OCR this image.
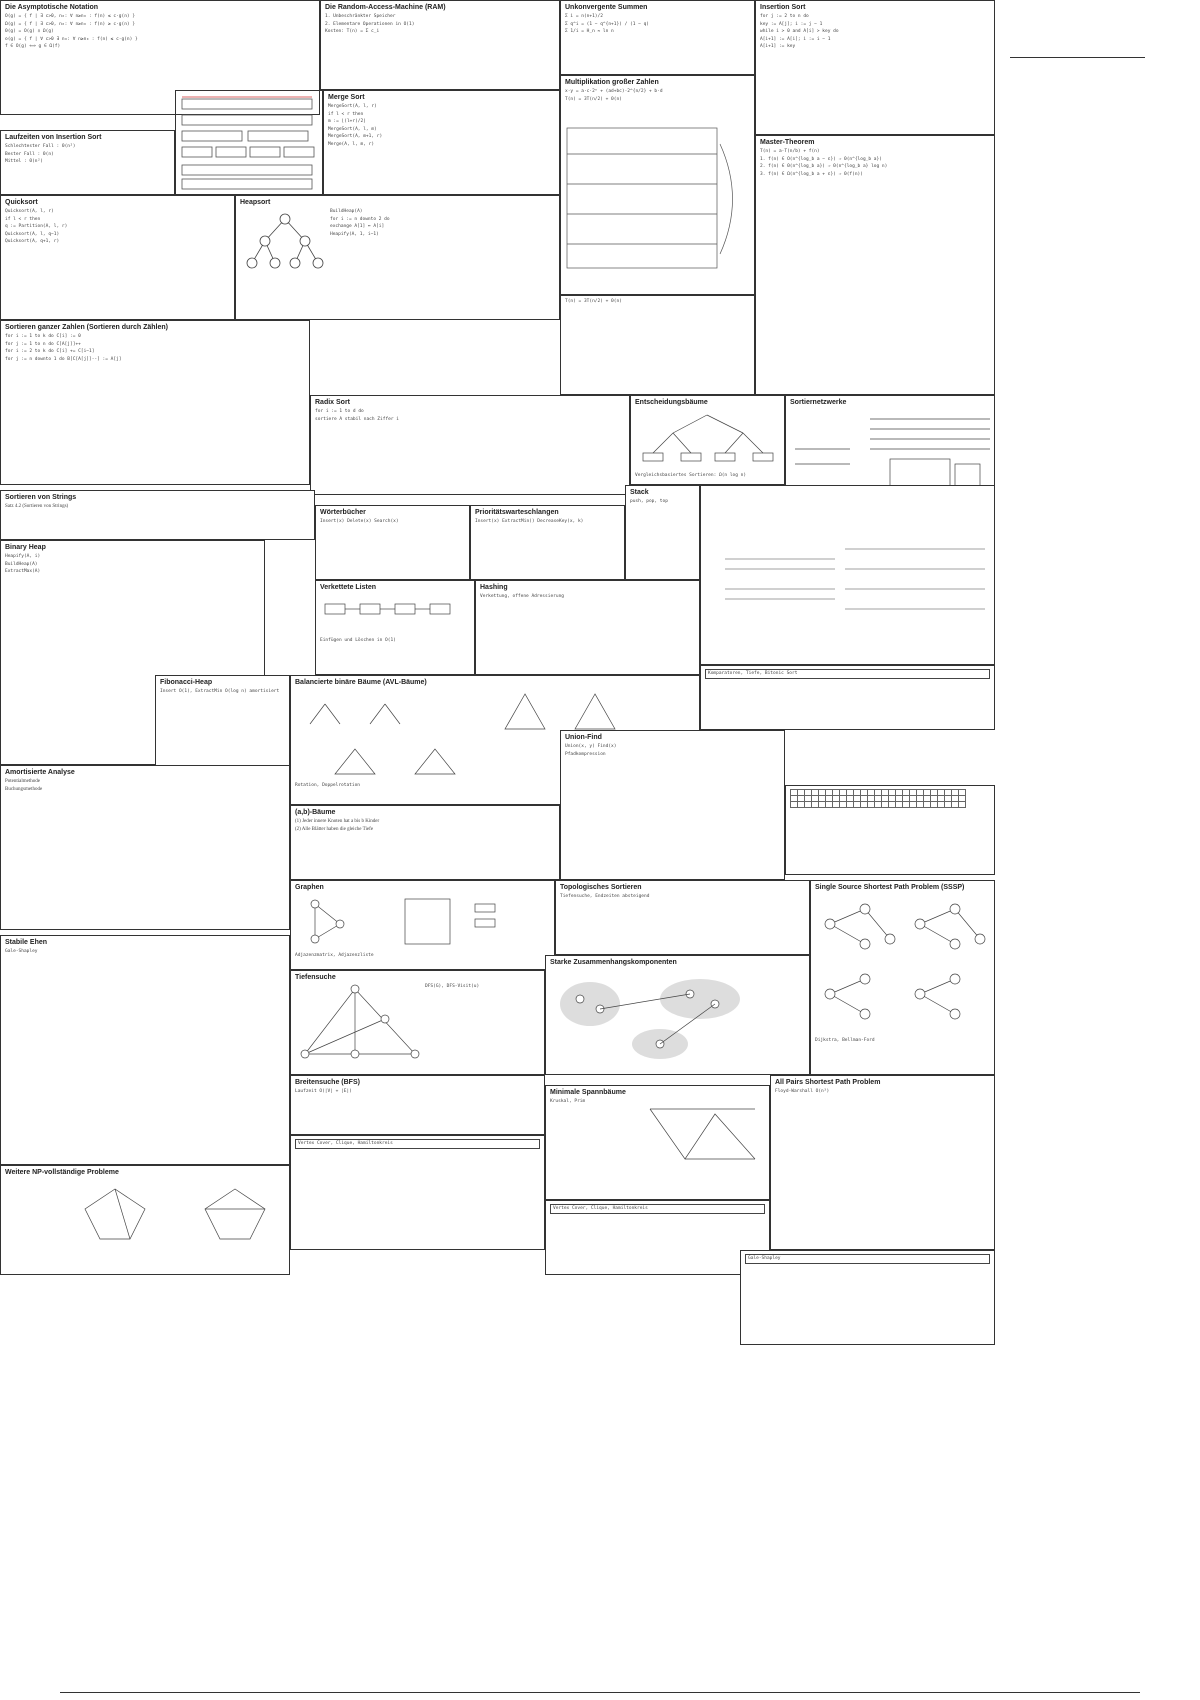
Die Asymptotische Notation

O(g) = { f | ∃ c>0, n₀: ∀ n≥n₀ : f(n) ≤ c·g(n) }

Ω(g) = { f | ∃ c>0, n₀: ∀ n≥n₀ : f(n) ≥ c·g(n) }

Θ(g) = O(g) ∩ Ω(g)

o(g) = { f | ∀ c>0 ∃ n₀: ∀ n≥n₀ : f(n) ≤ c·g(n) }

f ∈ O(g) ⟺ g ∈ Ω(f)

Die Random-Access-Machine (RAM)

1. Unbeschränkter Speicher

2. Elementare Operationen in O(1)

Kosten: T(n) = Σ c_i

Unkonvergente Summen

Σ i = n(n+1)/2

Σ q^i = (1 − q^{n+1}) / (1 − q)

Σ 1/i = H_n ≈ ln n

Insertion Sort

for j := 2 to n do

key := A[j]; i := j − 1

while i > 0 and A[i] > key do

A[i+1] := A[i]; i := i − 1

A[i+1] := key

Laufzeiten von Insertion Sort

Schlechtester Fall : Θ(n²)

Bester Fall : Θ(n)

Mittel : Θ(n²)

Merge Sort

MergeSort(A, l, r)

if l < r then

m := ⌊(l+r)/2⌋

MergeSort(A, l, m)

MergeSort(A, m+1, r)

Merge(A, l, m, r)

Multiplikation großer Zahlen

x·y = a·c·2ⁿ + (ad+bc)·2^{n/2} + b·d

T(n) = 3T(n/2) + Θ(n)

Master-Theorem

T(n) = a·T(n/b) + f(n)

1. f(n) ∈ O(n^{log_b a − ε}) ⇒ Θ(n^{log_b a})

2. f(n) ∈ Θ(n^{log_b a}) ⇒ Θ(n^{log_b a} log n)

3. f(n) ∈ Ω(n^{log_b a + ε}) ⇒ Θ(f(n))

Quicksort

Quicksort(A, l, r)

if l < r then

q := Partition(A, l, r)

Quicksort(A, l, q−1)

Quicksort(A, q+1, r)

Heapsort

BuildHeap(A)

for i := n downto 2 do

exchange A[1] ↔ A[i]

Heapify(A, 1, i−1)

T(n) = 3T(n/2) + Θ(n)

Sortieren ganzer Zahlen (Sortieren durch Zählen)

for i := 1 to k do C[i] := 0

for j := 1 to n do C[A[j]]++

for i := 2 to k do C[i] += C[i−1]

for j := n downto 1 do B[C[A[j]]--] := A[j]

Radix Sort

for i := 1 to d do

sortiere A stabil nach Ziffer i

Entscheidungsbäume

Vergleichsbasiertes Sortieren: Ω(n log n)

Sortiernetzwerke

Sortieren von Strings

Satz 4.2 (Sortieren von Strings)

Wörterbücher

Insert(x) Delete(x) Search(x)

Prioritätswarteschlangen

Insert(x) ExtractMin() DecreaseKey(x, k)

Stack

push, pop, top

Binary Heap

Heapify(A, i)

BuildHeap(A)

ExtractMax(A)

Verkettete Listen

Einfügen und Löschen in O(1)

Hashing

Verkettung, offene Adressierung

Komparatoren, Tiefe, Bitonic Sort

Fibonacci-Heap

Insert O(1), ExtractMin O(log n) amortisiert

Balancierte binäre Bäume (AVL-Bäume)

Rotation, Doppelrotation

Union-Find

Union(x, y) Find(x)

Pfadkompression

Amortisierte Analyse

Potentialmethode

Buchungsmethode

(a,b)-Bäume

(1) Jeder innere Knoten hat a bis b Kinder

(2) Alle Blätter haben die gleiche Tiefe

Graphen

Adjazenzmatrix, Adjazenzliste

Topologisches Sortieren

Tiefensuche, Endzeiten absteigend

Single Source Shortest Path Problem (SSSP)

Dijkstra, Bellman-Ford

Stabile Ehen

Gale-Shapley

Tiefensuche

DFS(G), DFS-Visit(u)

Starke Zusammenhangskomponenten
Breitensuche (BFS)

Laufzeit O(|V| + |E|)	Minimale Spannbäume

Kruskal, Prim

All Pairs Shortest Path Problem

Floyd-Warshall O(n³)

Vertex Cover, Clique, Hamiltonkreis

Weitere NP-vollständige Probleme

Vertex Cover, Clique, Hamiltonkreis

Gale-Shapley
